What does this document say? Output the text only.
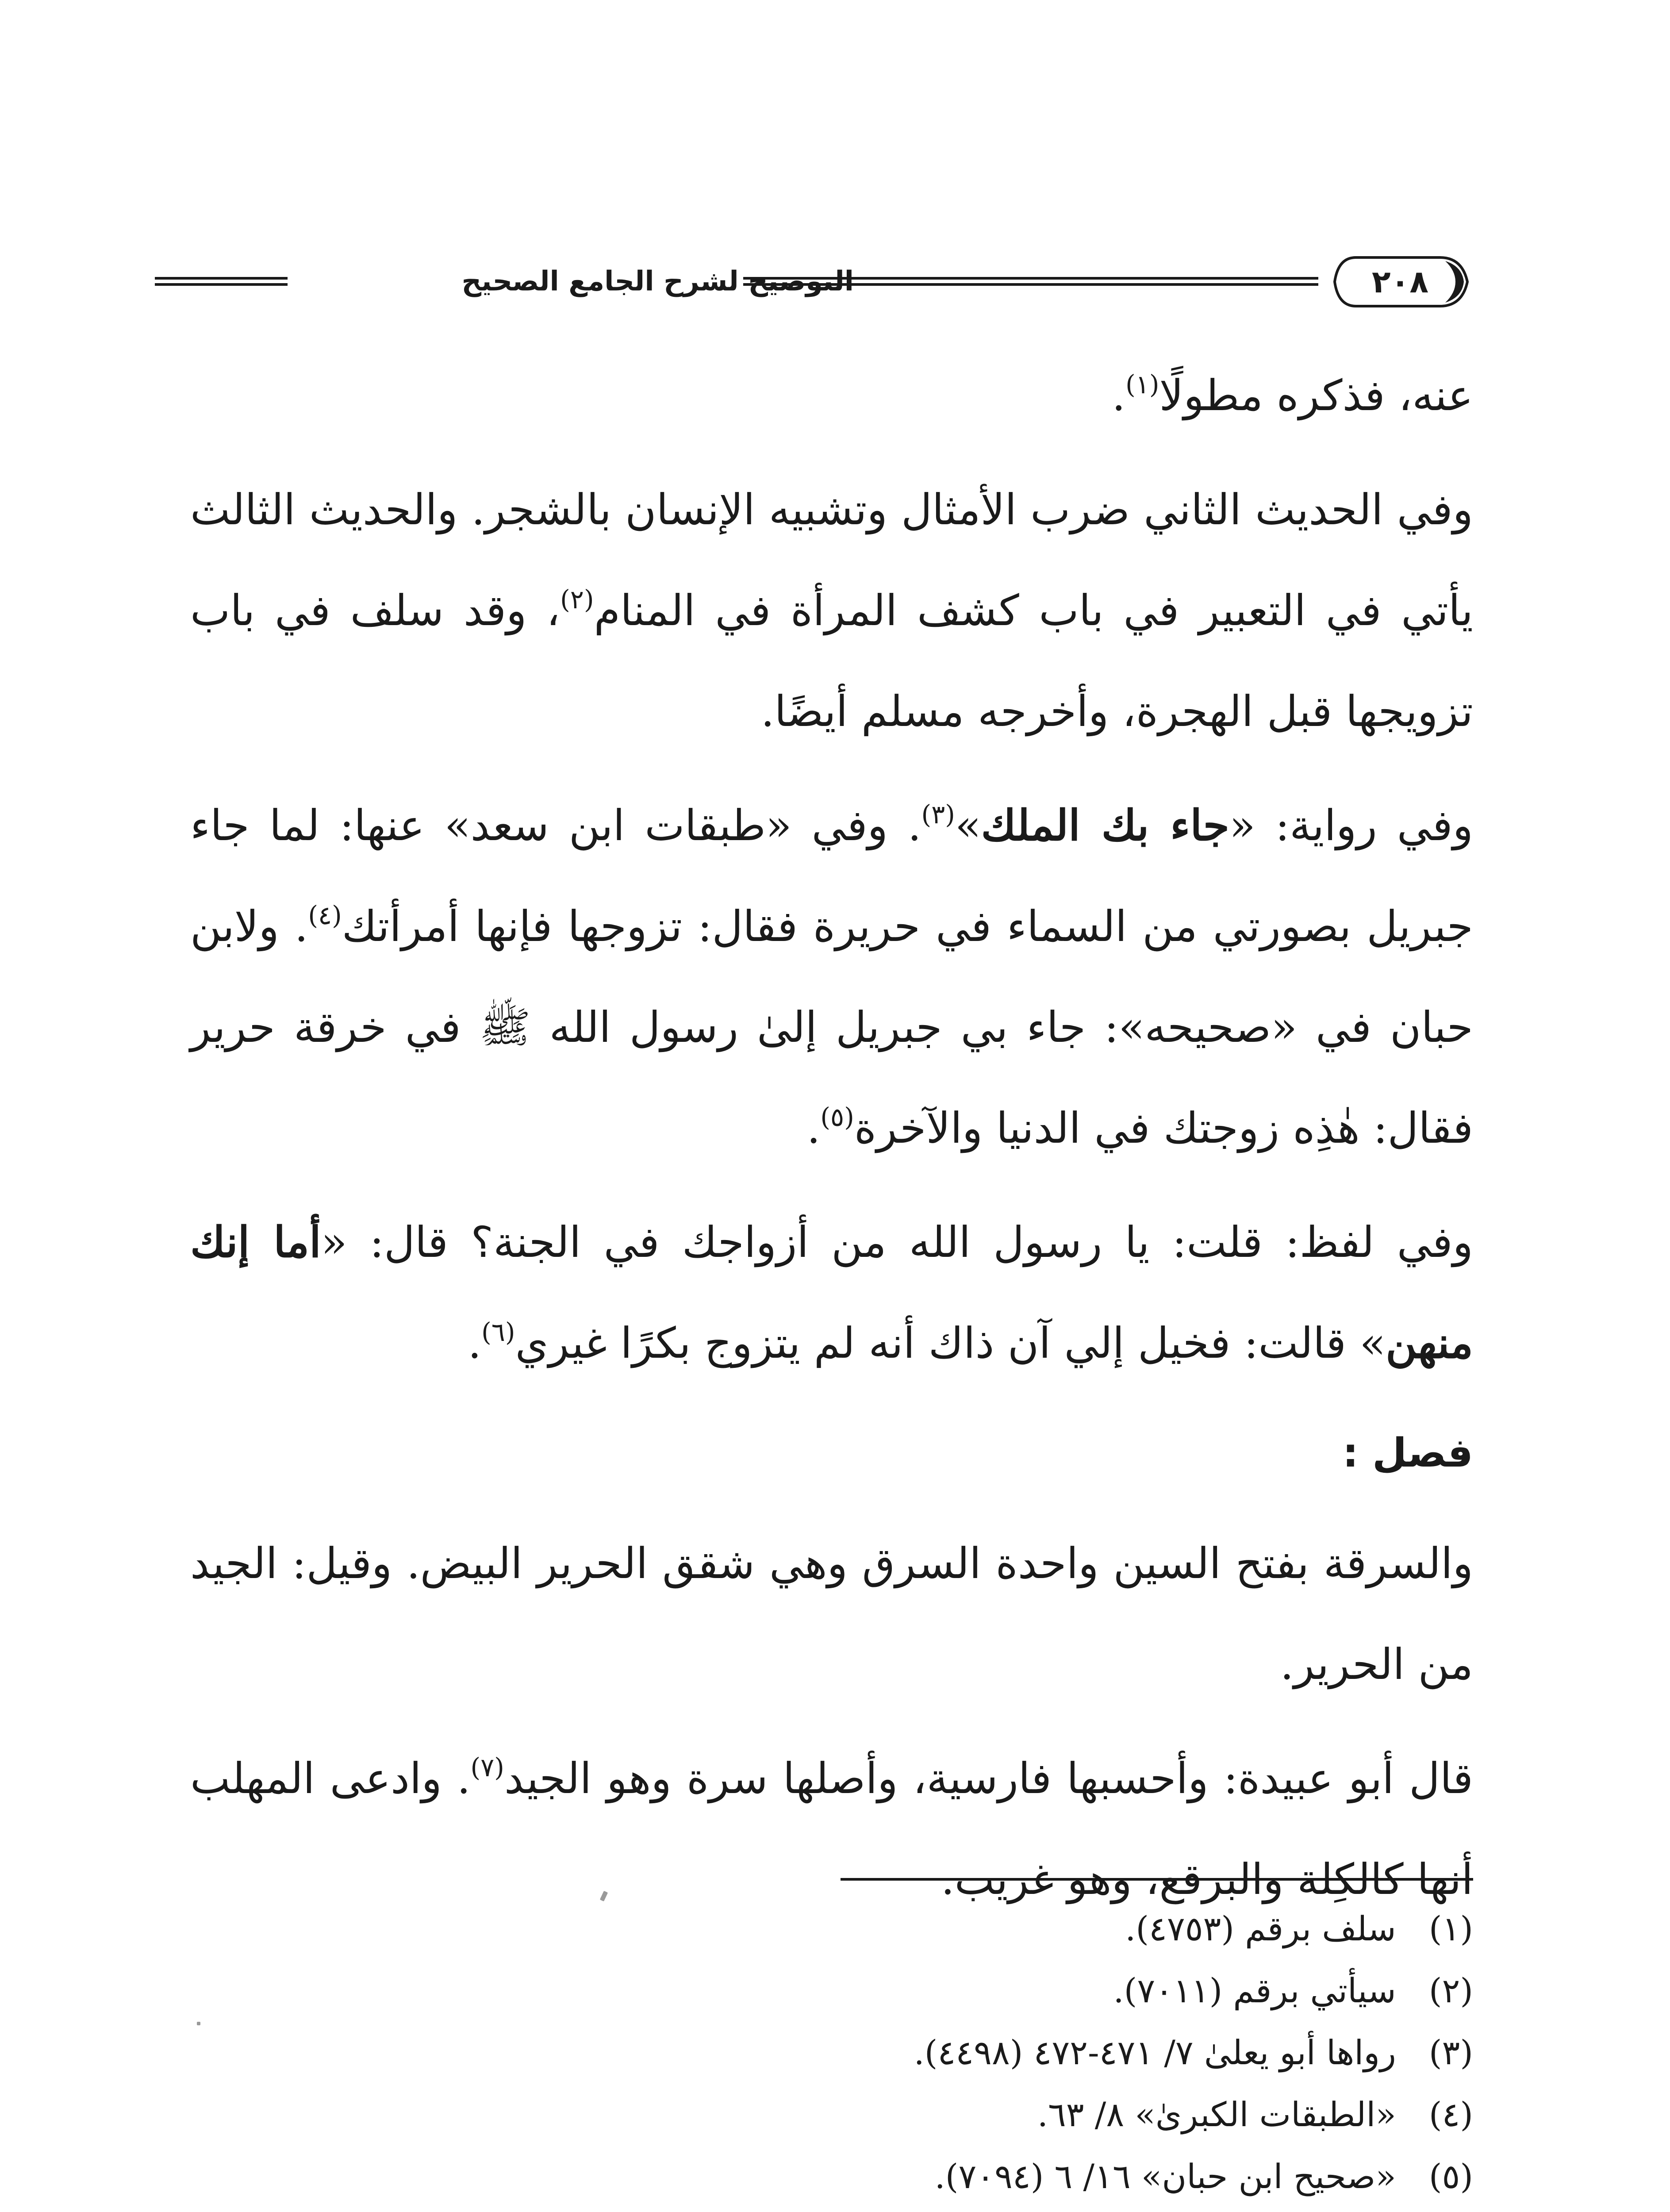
التوضيح لشرح الجامع الصحيح	٢٠٨

عنه، فذكره مطولًا$^{(١)}$.

وفي الحديث الثاني ضرب الأمثال وتشبيه الإنسان بالشجر. والحديث الثالث يأتي في التعبير في باب كشف المرأة في المنام$^{(٢)}$، وقد سلف في باب تزويجها قبل الهجرة، وأخرجه مسلم أيضًا.

وفي رواية: «جاء بك الملك»$^{(٣)}$. وفي «طبقات ابن سعد» عنها: لما جاء جبريل بصورتي من السماء في حريرة فقال: تزوجها فإنها أمرأتك$^{(٤)}$. ولابن حبان في «صحيحه»: جاء بي جبريل إلىٰ رسول الله ﷺ في خرقة حرير فقال: هٰذِه زوجتك في الدنيا والآخرة$^{(٥)}$.

وفي لفظ: قلت: يا رسول الله من أزواجك في الجنة؟ قال: «أما إنك منهن» قالت: فخيل إلي آن ذاك أنه لم يتزوج بكرًا غيري$^{(٦)}$.

فصل :

والسرقة بفتح السين واحدة السرق وهي شقق الحرير البيض. وقيل: الجيد من الحرير.

قال أبو عبيدة: وأحسبها فارسية، وأصلها سرة وهو الجيد$^{(٧)}$. وادعى المهلب أنها كالكِلة والبرقع، وهو غريب.

(١) سلف برقم (٤٧٥٣).
(٢) سيأتي برقم (٧٠١١).
(٣) رواها أبو يعلىٰ ٧/ ٤٧١-٤٧٢ (٤٤٩٨).
(٤) «الطبقات الكبرىٰ» ٨/ ٦٣.
(٥) «صحيح ابن حبان» ١٦/ ٦ (٧٠٩٤).
